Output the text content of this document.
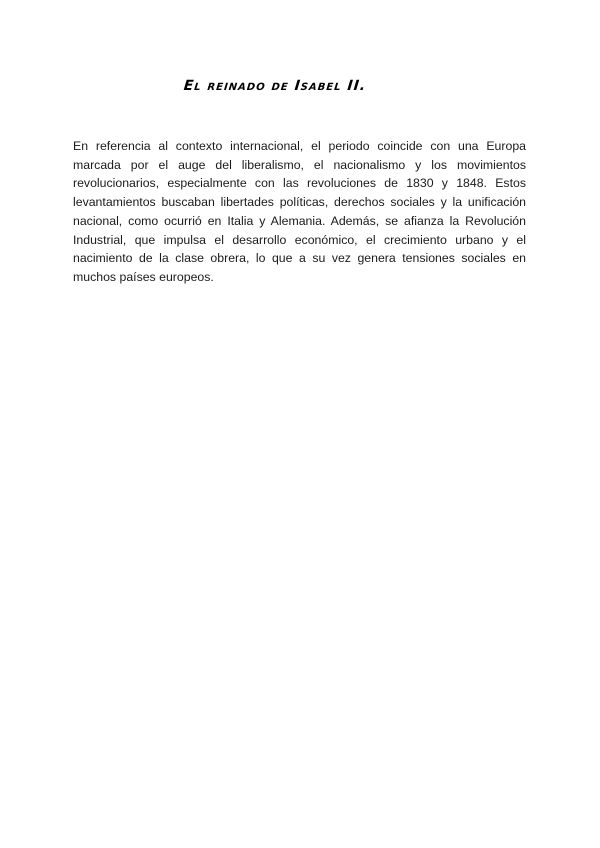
El reinado de Isabel II.

En referencia al contexto internacional, el periodo coincide con una Europa marcada por el auge del liberalismo, el nacionalismo y los movimientos revolucionarios, especialmente con las revoluciones de 1830 y 1848. Estos levantamientos buscaban libertades políticas, derechos sociales y la unificación nacional, como ocurrió en Italia y Alemania. Además, se afianza la Revolución Industrial, que impulsa el desarrollo económico, el crecimiento urbano y el nacimiento de la clase obrera, lo que a su vez genera tensiones sociales en muchos países europeos.
